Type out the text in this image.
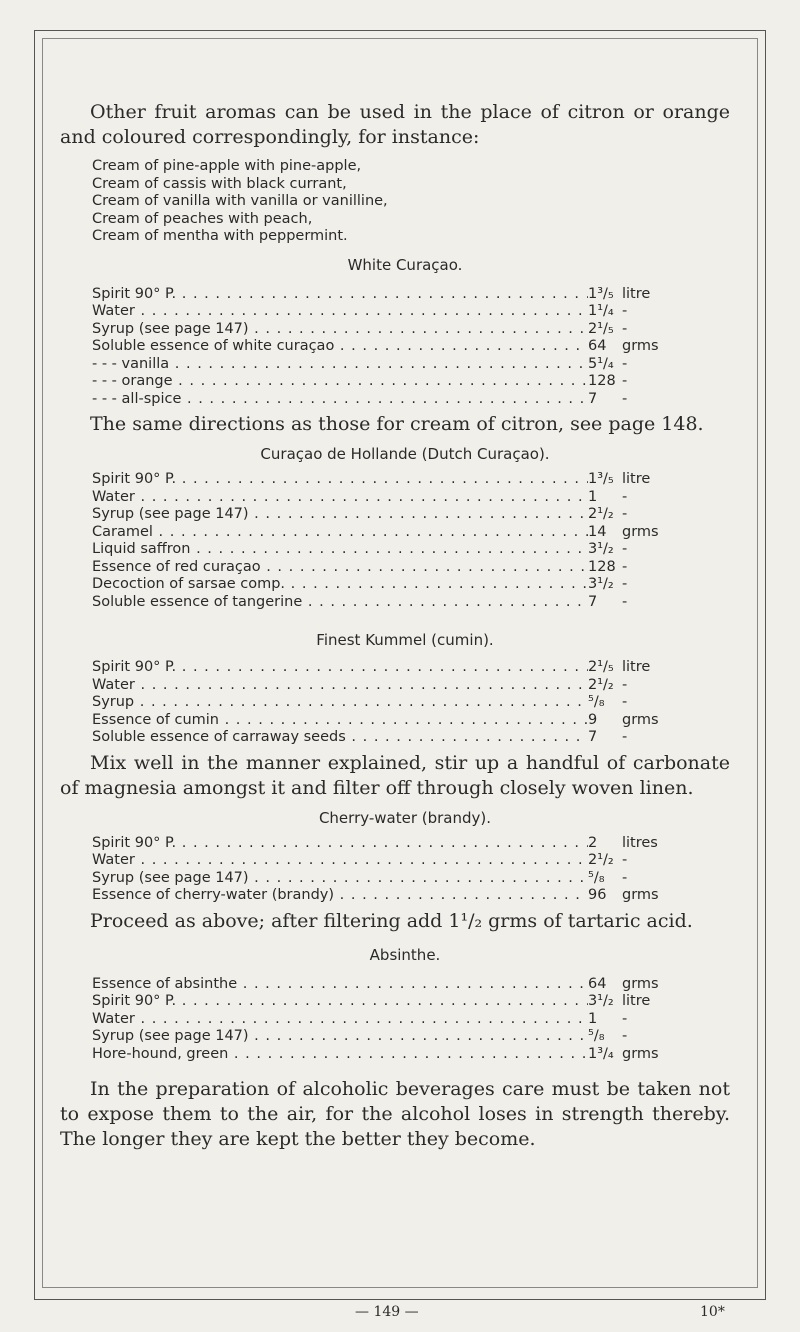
Other fruit aromas can be used in the place of citron or orange and coloured correspondingly, for instance:

Cream of pine-apple with pine-apple,
Cream of cassis with black currant,
Cream of vanilla with vanilla or vanilline,
Cream of peaches with peach,
Cream of mentha with peppermint.

White Curaçao.

Spirit 90° P. . . .	1³/₅ litre
Water . . .	1¹/₄ -
Syrup (see page 147) . . .	2¹/₅ -
Soluble essence of white curaçao . . .	64	grms
- - - vanilla . . .	5¹/₄ -
- - - orange . . .	128 -
- - - all-spice . . .	7	-

The same directions as those for cream of citron, see page 148.

Curaçao de Hollande (Dutch Curaçao).

Spirit 90° P. . . .	1³/₅ litre
Water . . .	1	-
Syrup (see page 147) . . .	2¹/₂ -
Caramel . . .	14	grms
Liquid saffron . . .	3¹/₂ -
Essence of red curaçao . . .	128 -
Decoction of sarsae comp. . . .	3¹/₂ -
Soluble essence of tangerine . . .	7	-

Finest Kummel (cumin).

Spirit 90° P. . . .	2¹/₅ litre
Water . . .	2¹/₂ -
Syrup . . .	⁵/₈	-
Essence of cumin . . .	9	grms
Soluble essence of carraway seeds . . .	7	-

Mix well in the manner explained, stir up a handful of carbonate of magnesia amongst it and filter off through closely woven linen.

Cherry-water (brandy).

Spirit 90° P. . . .	2	litres
Water . . .	2¹/₂ -
Syrup (see page 147) . . .	⁵/₈	-
Essence of cherry-water (brandy) . . .	96	grms

Proceed as above; after filtering add 1¹/₂ grms of tartaric acid.

Absinthe.

Essence of absinthe . . .	64	grms
Spirit 90° P. . . .	3¹/₂ litre
Water . . .	1	-
Syrup (see page 147) . . .	⁵/₈	-
Hore-hound, green . . .	1³/₄ grms

In the preparation of alcoholic beverages care must be taken not to expose them to the air, for the alcohol loses in strength thereby. The longer they are kept the better they become.

— 149 —	10*
